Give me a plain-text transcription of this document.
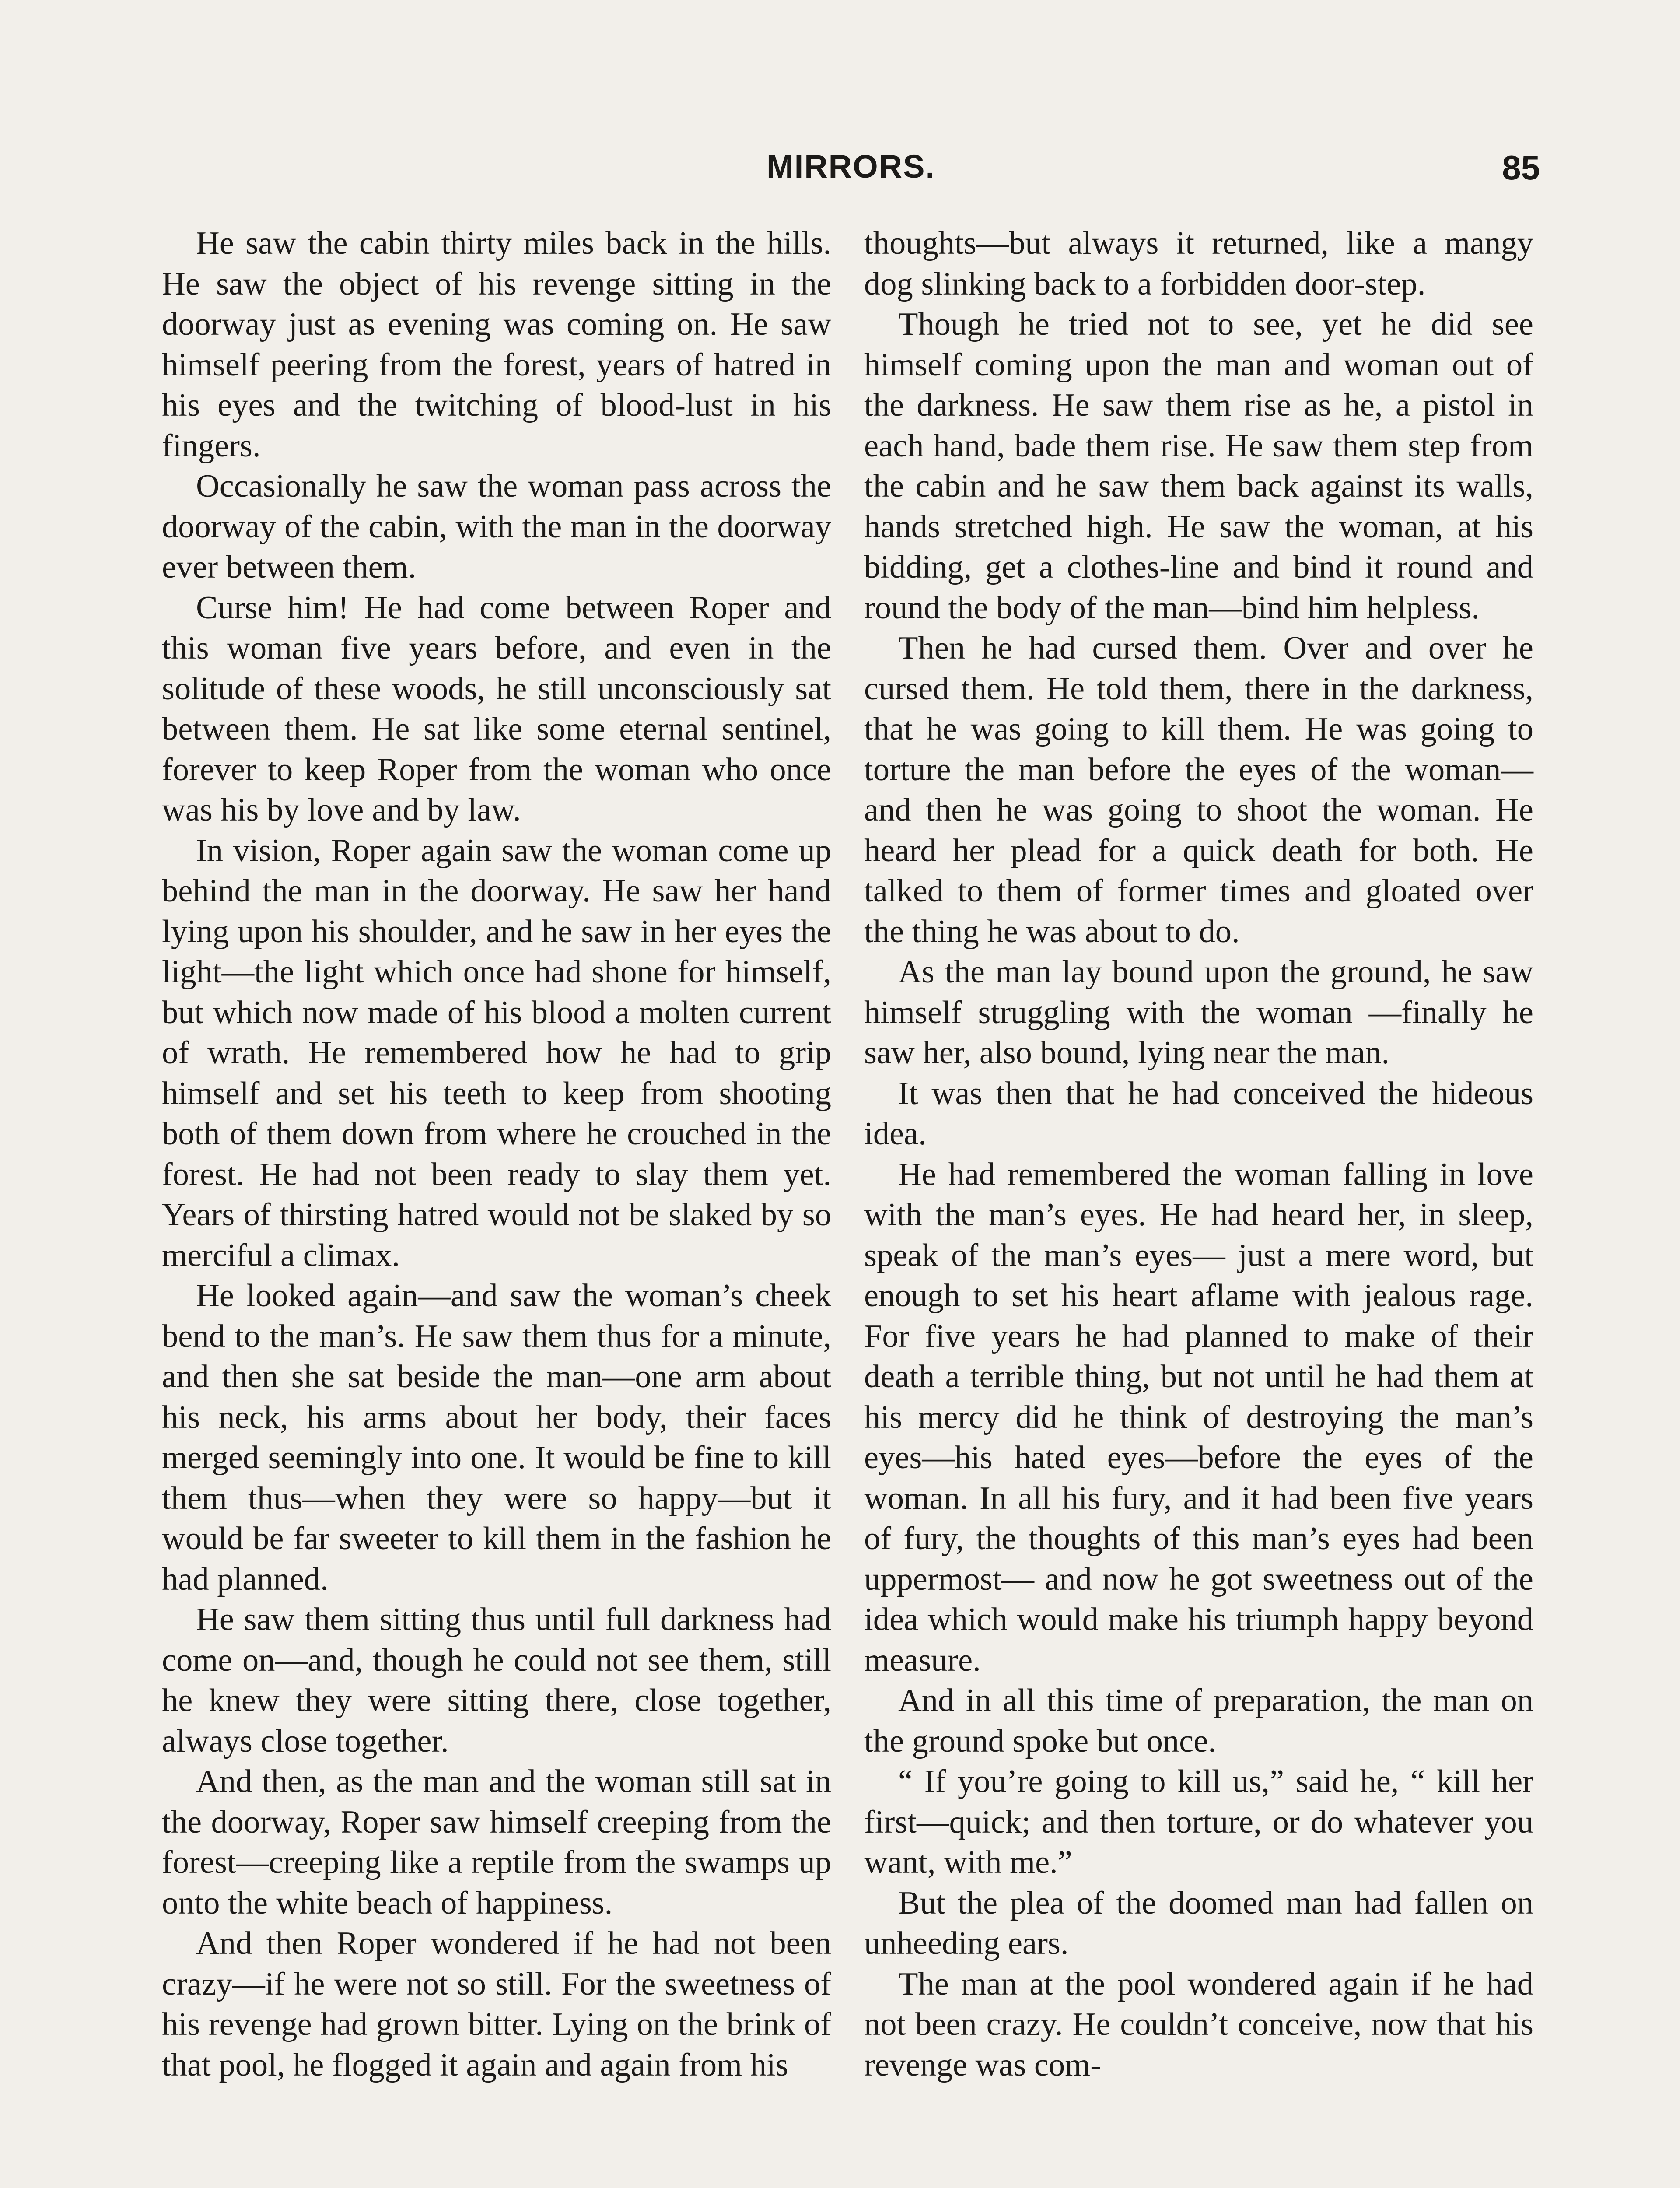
MIRRORS.	85

He saw the cabin thirty miles back in the hills. He saw the object of his revenge sitting in the doorway just as evening was coming on. He saw himself peering from the forest, years of hatred in his eyes and the twitching of blood-lust in his fingers.

Occasionally he saw the woman pass across the doorway of the cabin, with the man in the doorway ever between them.

Curse him! He had come between Roper and this woman five years before, and even in the solitude of these woods, he still unconsciously sat between them. He sat like some eternal sentinel, forever to keep Roper from the woman who once was his by love and by law.

In vision, Roper again saw the woman come up behind the man in the doorway. He saw her hand lying upon his shoulder, and he saw in her eyes the light—the light which once had shone for himself, but which now made of his blood a molten current of wrath. He remembered how he had to grip himself and set his teeth to keep from shooting both of them down from where he crouched in the forest. He had not been ready to slay them yet. Years of thirsting hatred would not be slaked by so merciful a climax.

He looked again—and saw the woman’s cheek bend to the man’s. He saw them thus for a minute, and then she sat beside the man—one arm about his neck, his arms about her body, their faces merged seemingly into one. It would be fine to kill them thus—when they were so happy—but it would be far sweeter to kill them in the fashion he had planned.

He saw them sitting thus until full darkness had come on—and, though he could not see them, still he knew they were sitting there, close together, always close together.

And then, as the man and the woman still sat in the doorway, Roper saw himself creeping from the forest—creeping like a reptile from the swamps up onto the white beach of happiness.

And then Roper wondered if he had not been crazy—if he were not so still. For the sweetness of his revenge had grown bitter. Lying on the brink of that pool, he flogged it again and again from his

thoughts—but always it returned, like a mangy dog slinking back to a forbidden door-step.

Though he tried not to see, yet he did see himself coming upon the man and woman out of the darkness. He saw them rise as he, a pistol in each hand, bade them rise. He saw them step from the cabin and he saw them back against its walls, hands stretched high. He saw the woman, at his bidding, get a clothes-line and bind it round and round the body of the man—bind him helpless.

Then he had cursed them. Over and over he cursed them. He told them, there in the darkness, that he was going to kill them. He was going to torture the man before the eyes of the woman—and then he was going to shoot the woman. He heard her plead for a quick death for both. He talked to them of former times and gloated over the thing he was about to do.

As the man lay bound upon the ground, he saw himself struggling with the woman —finally he saw her, also bound, lying near the man.

It was then that he had conceived the hideous idea.

He had remembered the woman falling in love with the man’s eyes. He had heard her, in sleep, speak of the man’s eyes— just a mere word, but enough to set his heart aflame with jealous rage. For five years he had planned to make of their death a terrible thing, but not until he had them at his mercy did he think of destroying the man’s eyes—his hated eyes—before the eyes of the woman. In all his fury, and it had been five years of fury, the thoughts of this man’s eyes had been uppermost— and now he got sweetness out of the idea which would make his triumph happy beyond measure.

And in all this time of preparation, the man on the ground spoke but once.

“ If you’re going to kill us,” said he, “ kill her first—quick; and then torture, or do whatever you want, with me.”

But the plea of the doomed man had fallen on unheeding ears.

The man at the pool wondered again if he had not been crazy. He couldn’t conceive, now that his revenge was com-
